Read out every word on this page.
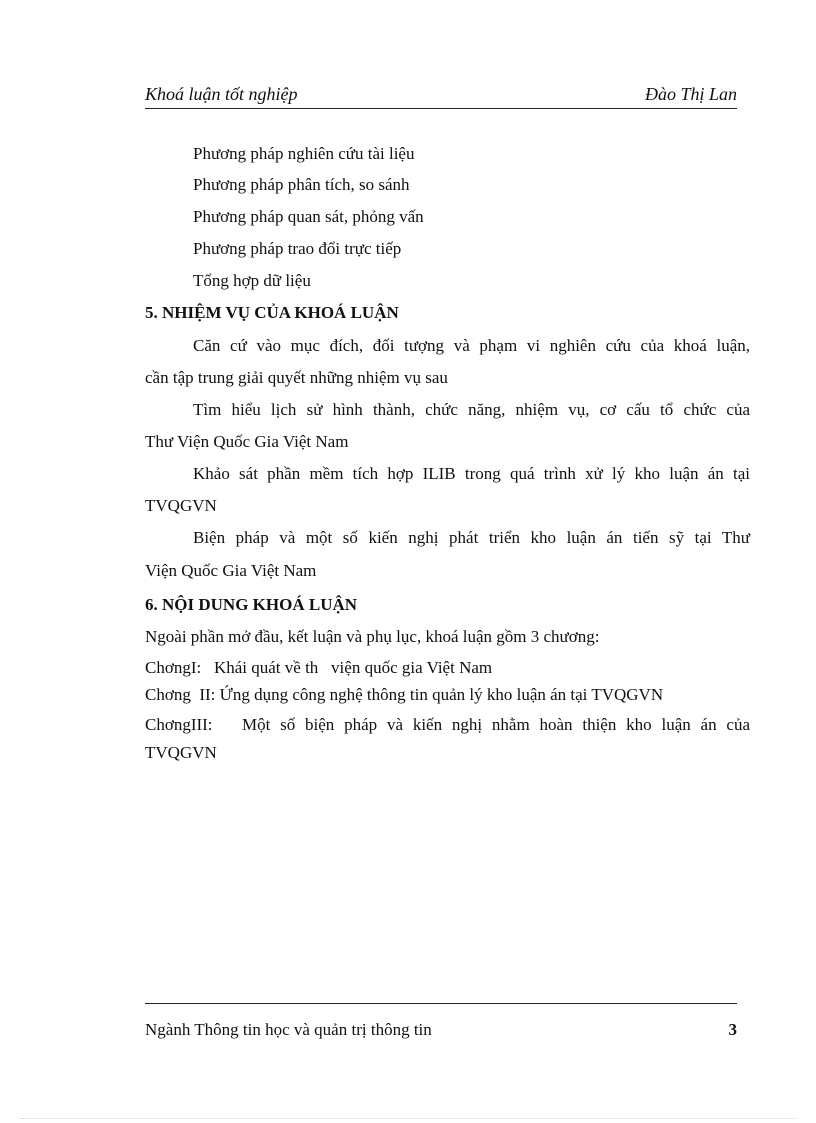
Khoá luận tốt nghiệp	Đào Thị Lan
Phương pháp nghiên cứu tài liệu
Phương pháp phân tích, so sánh
Phương pháp quan sát, phỏng vấn
Phương pháp trao đổi trực tiếp
Tổng hợp dữ liệu
5. NHIỆM VỤ CỦA KHOÁ LUẬN
Căn cứ vào mục đích, đối tượng và phạm vi nghiên cứu của khoá luận,
cần tập trung giải quyết những nhiệm vụ sau
Tìm hiểu lịch sử hình thành, chức năng, nhiệm vụ, cơ cấu tổ chức của
Thư Viện Quốc Gia Việt Nam
Khảo sát phần mềm tích hợp ILIB trong quá trình xử lý kho luận án tại
TVQGVN
Biện pháp và một số kiến nghị phát triển kho luận án tiến sỹ tại Thư
Viện Quốc Gia Việt Nam
6. NỘI DUNG KHOÁ LUẬN
Ngoài phần mở đầu, kết luận và phụ lục, khoá luận gồm 3 chương:
ChơngI:   Khái quát về th   viện quốc gia Việt Nam
Chơng  II: Ứng dụng công nghệ thông tin quản lý kho luận án tại TVQGVN
ChơngIII:   Một số biện pháp và kiến nghị nhằm hoàn thiện kho luận án của
TVQGVN
Ngành Thông tin học và quản trị thông tin	3
